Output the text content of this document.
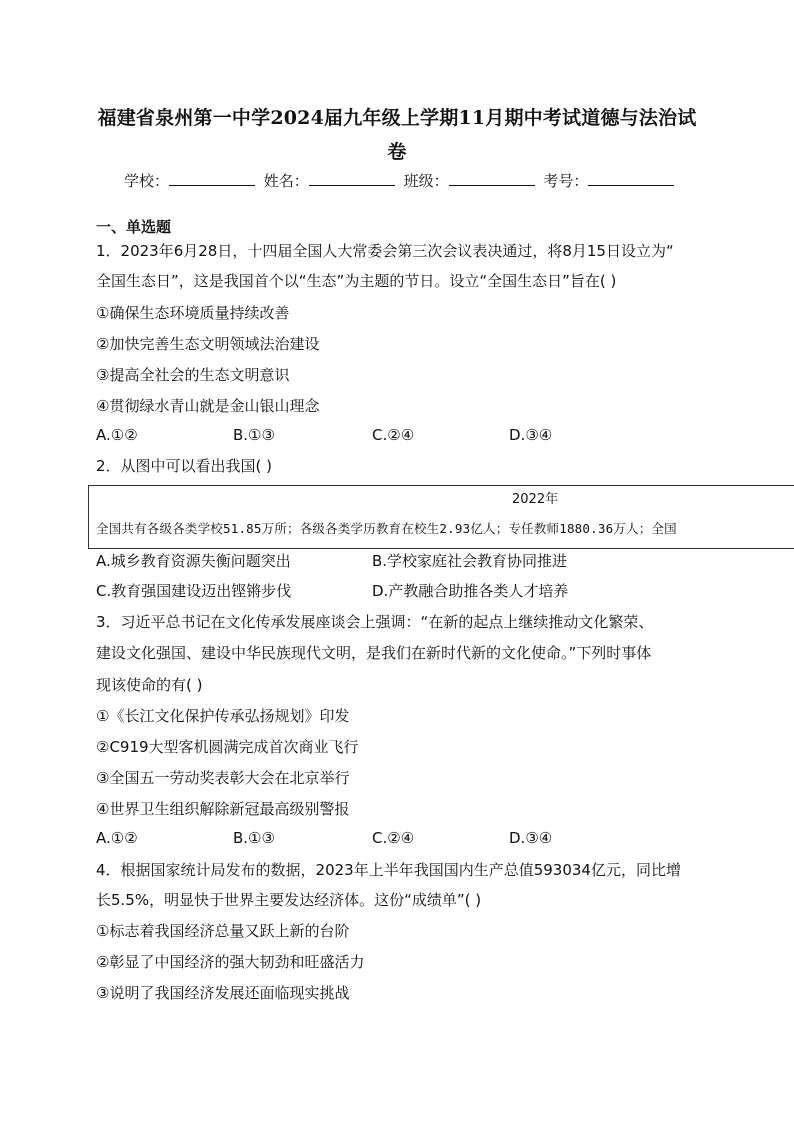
福建省泉州第一中学2024届九年级上学期11月期中考试道德与法治试
卷
学校：	姓名：	班级：	考号：
一、单选题
1．2023年6月28日，十四届全国人大常委会第三次会议表决通过，将8月15日设立为“
全国生态日”，这是我国首个以“生态”为主题的节日。设立“全国生态日”旨在( )
①确保生态环境质量持续改善
②加快完善生态文明领域法治建设
③提高全社会的生态文明意识
④贯彻绿水青山就是金山银山理念
A.①②	B.①③	C.②④	D.③④
2．从图中可以看出我国( )
2022年
全国共有各级各类学校51.85万所；各级各类学历教育在校生2.93亿人；专任教师1880.36万人；全国
A.城乡教育资源失衡问题突出	B.学校家庭社会教育协同推进
C.教育强国建设迈出铿锵步伐	D.产教融合助推各类人才培养
3．习近平总书记在文化传承发展座谈会上强调：“在新的起点上继续推动文化繁荣、
建设文化强国、建设中华民族现代文明，是我们在新时代新的文化使命。”下列时事体
现该使命的有( )
①《长江文化保护传承弘扬规划》印发
②C919大型客机圆满完成首次商业飞行
③全国五一劳动奖表彰大会在北京举行
④世界卫生组织解除新冠最高级别警报
A.①②	B.①③	C.②④	D.③④
4．根据国家统计局发布的数据，2023年上半年我国国内生产总值593034亿元，同比增
长5.5%，明显快于世界主要发达经济体。这份“成绩单”( )
①标志着我国经济总量又跃上新的台阶
②彰显了中国经济的强大韧劲和旺盛活力
③说明了我国经济发展还面临现实挑战
